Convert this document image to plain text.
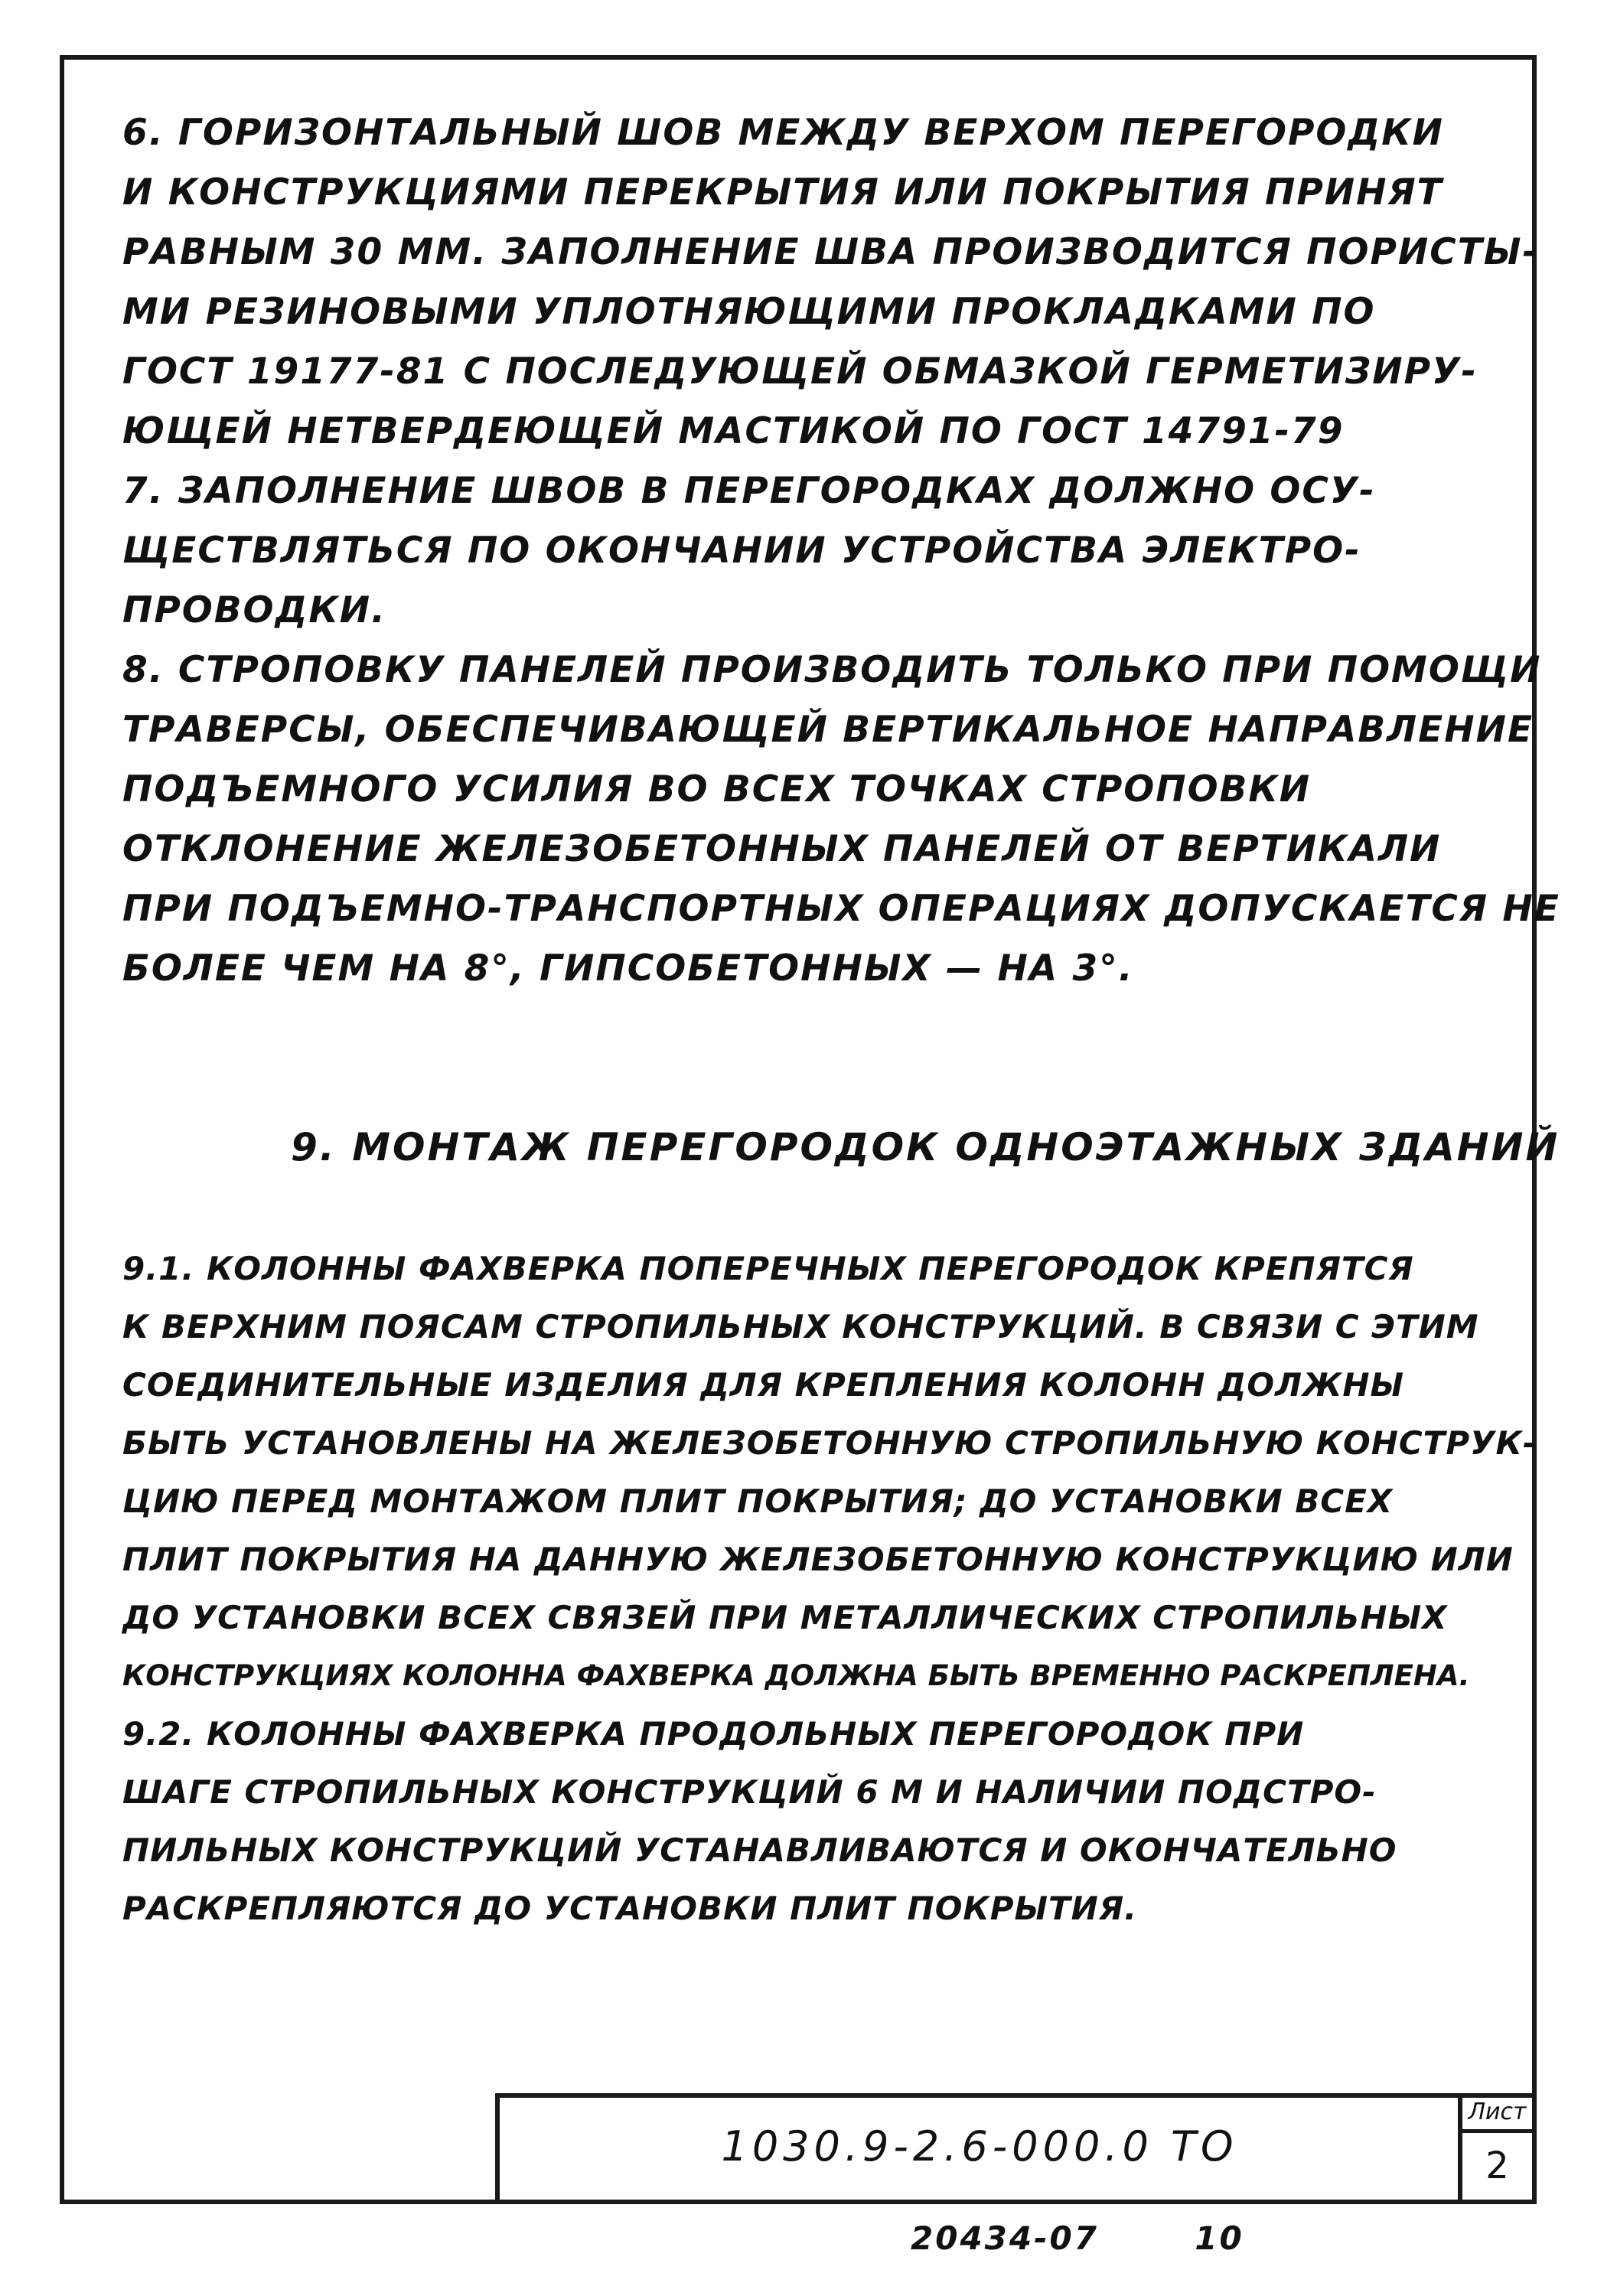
6. ГОРИЗОНТАЛЬНЫЙ ШОВ МЕЖДУ ВЕРХОМ ПЕРЕГОРОДКИ
И КОНСТРУКЦИЯМИ ПЕРЕКРЫТИЯ ИЛИ ПОКРЫТИЯ ПРИНЯТ
РАВНЫМ 30 ММ. ЗАПОЛНЕНИЕ ШВА ПРОИЗВОДИТСЯ ПОРИСТЫ-
МИ РЕЗИНОВЫМИ УПЛОТНЯЮЩИМИ ПРОКЛАДКАМИ ПО
ГОСТ 19177-81 С ПОСЛЕДУЮЩЕЙ ОБМАЗКОЙ ГЕРМЕТИЗИРУ-
ЮЩЕЙ НЕТВЕРДЕЮЩЕЙ МАСТИКОЙ ПО ГОСТ 14791-79
7. ЗАПОЛНЕНИЕ ШВОВ В ПЕРЕГОРОДКАХ ДОЛЖНО ОСУ-
ЩЕСТВЛЯТЬСЯ ПО ОКОНЧАНИИ УСТРОЙСТВА ЭЛЕКТРО-
ПРОВОДКИ.
8. СТРОПОВКУ ПАНЕЛЕЙ ПРОИЗВОДИТЬ ТОЛЬКО ПРИ ПОМОЩИ
ТРАВЕРСЫ, ОБЕСПЕЧИВАЮЩЕЙ ВЕРТИКАЛЬНОЕ НАПРАВЛЕНИЕ
ПОДЪЕМНОГО УСИЛИЯ ВО ВСЕХ ТОЧКАХ СТРОПОВКИ
ОТКЛОНЕНИЕ ЖЕЛЕЗОБЕТОННЫХ ПАНЕЛЕЙ ОТ ВЕРТИКАЛИ
ПРИ ПОДЪЕМНО-ТРАНСПОРТНЫХ ОПЕРАЦИЯХ ДОПУСКАЕТСЯ НЕ
БОЛЕЕ ЧЕМ НА 8°, ГИПСОБЕТОННЫХ — НА 3°.
9. МОНТАЖ ПЕРЕГОРОДОК ОДНОЭТАЖНЫХ ЗДАНИЙ
9.1. КОЛОННЫ ФАХВЕРКА ПОПЕРЕЧНЫХ ПЕРЕГОРОДОК КРЕПЯТСЯ
К ВЕРХНИМ ПОЯСАМ СТРОПИЛЬНЫХ КОНСТРУКЦИЙ. В СВЯЗИ С ЭТИМ
СОЕДИНИТЕЛЬНЫЕ ИЗДЕЛИЯ ДЛЯ КРЕПЛЕНИЯ КОЛОНН ДОЛЖНЫ
БЫТЬ УСТАНОВЛЕНЫ НА ЖЕЛЕЗОБЕТОННУЮ СТРОПИЛЬНУЮ КОНСТРУК-
ЦИЮ ПЕРЕД МОНТАЖОМ ПЛИТ ПОКРЫТИЯ; ДО УСТАНОВКИ ВСЕХ
ПЛИТ ПОКРЫТИЯ НА ДАННУЮ ЖЕЛЕЗОБЕТОННУЮ КОНСТРУКЦИЮ ИЛИ
ДО УСТАНОВКИ ВСЕХ СВЯЗЕЙ ПРИ МЕТАЛЛИЧЕСКИХ СТРОПИЛЬНЫХ
КОНСТРУКЦИЯХ КОЛОННА ФАХВЕРКА ДОЛЖНА БЫТЬ ВРЕМЕННО РАСКРЕПЛЕНА.
9.2. КОЛОННЫ ФАХВЕРКА ПРОДОЛЬНЫХ ПЕРЕГОРОДОК ПРИ
ШАГЕ СТРОПИЛЬНЫХ КОНСТРУКЦИЙ 6 М И НАЛИЧИИ ПОДСТРО-
ПИЛЬНЫХ КОНСТРУКЦИЙ УСТАНАВЛИВАЮТСЯ И ОКОНЧАТЕЛЬНО
РАСКРЕПЛЯЮТСЯ ДО УСТАНОВКИ ПЛИТ ПОКРЫТИЯ.
1030.9-2.6-000.0 ТО
Лист
2
20434-07	10
